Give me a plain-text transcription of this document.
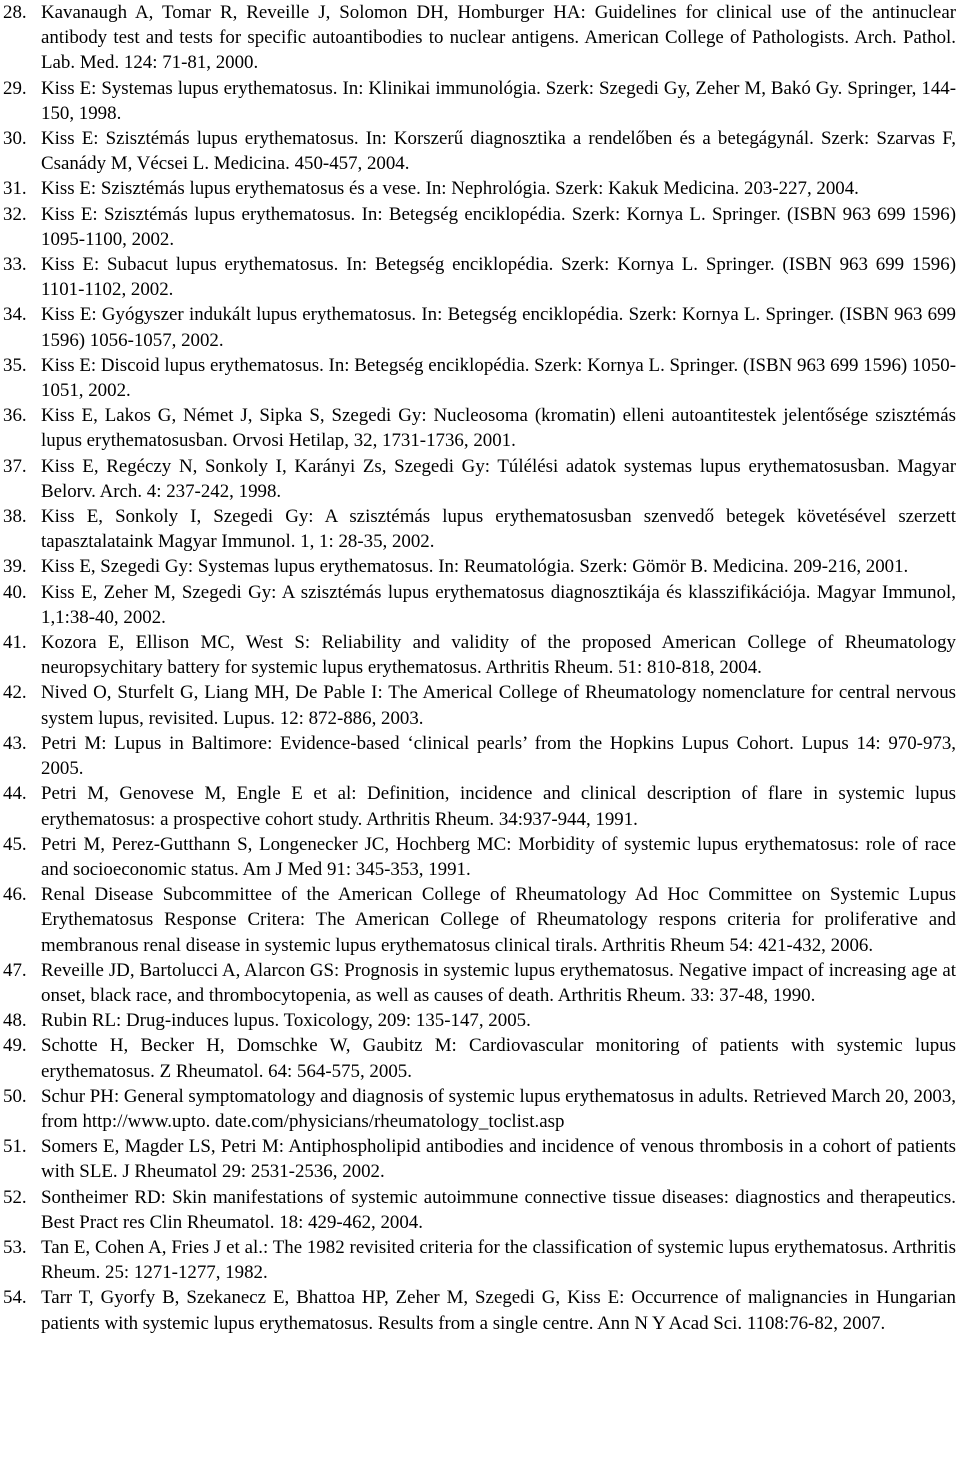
28. Kavanaugh A, Tomar R, Reveille J, Solomon DH, Homburger HA: Guidelines for clinical use of the antinuclear antibody test and tests for specific autoantibodies to nuclear antigens. American College of Pathologists. Arch. Pathol. Lab. Med. 124: 71-81, 2000.
29. Kiss E: Systemas lupus erythematosus. In: Klinikai immunológia. Szerk: Szegedi Gy, Zeher M, Bakó Gy. Springer, 144-150, 1998.
30. Kiss E: Szisztémás lupus erythematosus. In: Korszerű diagnosztika a rendelőben és a betegágynál. Szerk: Szarvas F, Csanády M, Vécsei L. Medicina. 450-457, 2004.
31. Kiss E: Szisztémás lupus erythematosus és a vese. In: Nephrológia. Szerk: Kakuk Medicina. 203-227, 2004.
32. Kiss E: Szisztémás lupus erythematosus. In: Betegség enciklopédia. Szerk: Kornya L. Springer. (ISBN 963 699 1596) 1095-1100, 2002.
33. Kiss E: Subacut lupus erythematosus. In: Betegség enciklopédia. Szerk: Kornya L. Springer. (ISBN 963 699 1596) 1101-1102, 2002.
34. Kiss E: Gyógyszer indukált lupus erythematosus. In: Betegség enciklopédia. Szerk: Kornya L. Springer. (ISBN 963 699 1596) 1056-1057, 2002.
35. Kiss E: Discoid lupus erythematosus. In: Betegség enciklopédia. Szerk: Kornya L. Springer. (ISBN 963 699 1596) 1050-1051, 2002.
36. Kiss E, Lakos G, Német J, Sipka S, Szegedi Gy: Nucleosoma (kromatin) elleni autoantitestek jelentősége szisztémás lupus erythematosusban. Orvosi Hetilap, 32, 1731-1736, 2001.
37. Kiss E, Regéczy N, Sonkoly I, Karányi Zs, Szegedi Gy: Túlélési adatok systemas lupus erythematosusban. Magyar Belorv. Arch. 4: 237-242, 1998.
38. Kiss E, Sonkoly I, Szegedi Gy: A szisztémás lupus erythematosusban szenvedő betegek követésével szerzett tapasztalataink Magyar Immunol. 1, 1: 28-35, 2002.
39. Kiss E, Szegedi Gy: Systemas lupus erythematosus. In: Reumatológia. Szerk: Gömör B. Medicina. 209-216, 2001.
40. Kiss E, Zeher M, Szegedi Gy: A szisztémás lupus erythematosus diagnosztikája és klasszifikációja. Magyar Immunol, 1,1:38-40, 2002.
41. Kozora E, Ellison MC, West S: Reliability and validity of the proposed American College of Rheumatology neuropsychitary battery for systemic lupus erythematosus. Arthritis Rheum. 51: 810-818, 2004.
42. Nived O, Sturfelt G, Liang MH, De Pable I: The Americal College of Rheumatology nomenclature for central nervous system lupus, revisited. Lupus. 12: 872-886, 2003.
43. Petri M: Lupus in Baltimore: Evidence-based ‘clinical pearls’ from the Hopkins Lupus Cohort. Lupus 14: 970-973, 2005.
44. Petri M, Genovese M, Engle E et al: Definition, incidence and clinical description of flare in systemic lupus erythematosus: a prospective cohort study. Arthritis Rheum. 34:937-944, 1991.
45. Petri M, Perez-Gutthann S, Longenecker JC, Hochberg MC: Morbidity of systemic lupus erythematosus: role of race and socioeconomic status. Am J Med 91: 345-353, 1991.
46. Renal Disease Subcommittee of the American College of Rheumatology Ad Hoc Committee on Systemic Lupus Erythematosus Response Critera: The American College of Rheumatology respons criteria for proliferative and membranous renal disease in systemic lupus erythematosus clinical tirals. Arthritis Rheum 54: 421-432, 2006.
47. Reveille JD, Bartolucci A, Alarcon GS: Prognosis in systemic lupus erythematosus. Negative impact of increasing age at onset, black race, and thrombocytopenia, as well as causes of death. Arthritis Rheum. 33: 37-48, 1990.
48. Rubin RL: Drug-induces lupus. Toxicology, 209: 135-147, 2005.
49. Schotte H, Becker H, Domschke W, Gaubitz M: Cardiovascular monitoring of patients with systemic lupus erythematosus. Z Rheumatol. 64: 564-575, 2005.
50. Schur PH: General symptomatology and diagnosis of systemic lupus erythematosus in adults. Retrieved March 20, 2003, from http://www.upto. date.com/physicians/rheumatology_toclist.asp
51. Somers E, Magder LS, Petri M: Antiphospholipid antibodies and incidence of venous thrombosis in a cohort of patients with SLE. J Rheumatol 29: 2531-2536, 2002.
52. Sontheimer RD: Skin manifestations of systemic autoimmune connective tissue diseases: diagnostics and therapeutics. Best Pract res Clin Rheumatol. 18: 429-462, 2004.
53. Tan E, Cohen A, Fries J et al.: The 1982 revisited criteria for the classification of systemic lupus erythematosus. Arthritis Rheum. 25: 1271-1277, 1982.
54. Tarr T, Gyorfy B, Szekanecz E, Bhattoa HP, Zeher M, Szegedi G, Kiss E: Occurrence of malignancies in Hungarian patients with systemic lupus erythematosus. Results from a single centre. Ann N Y Acad Sci. 1108:76-82, 2007.
